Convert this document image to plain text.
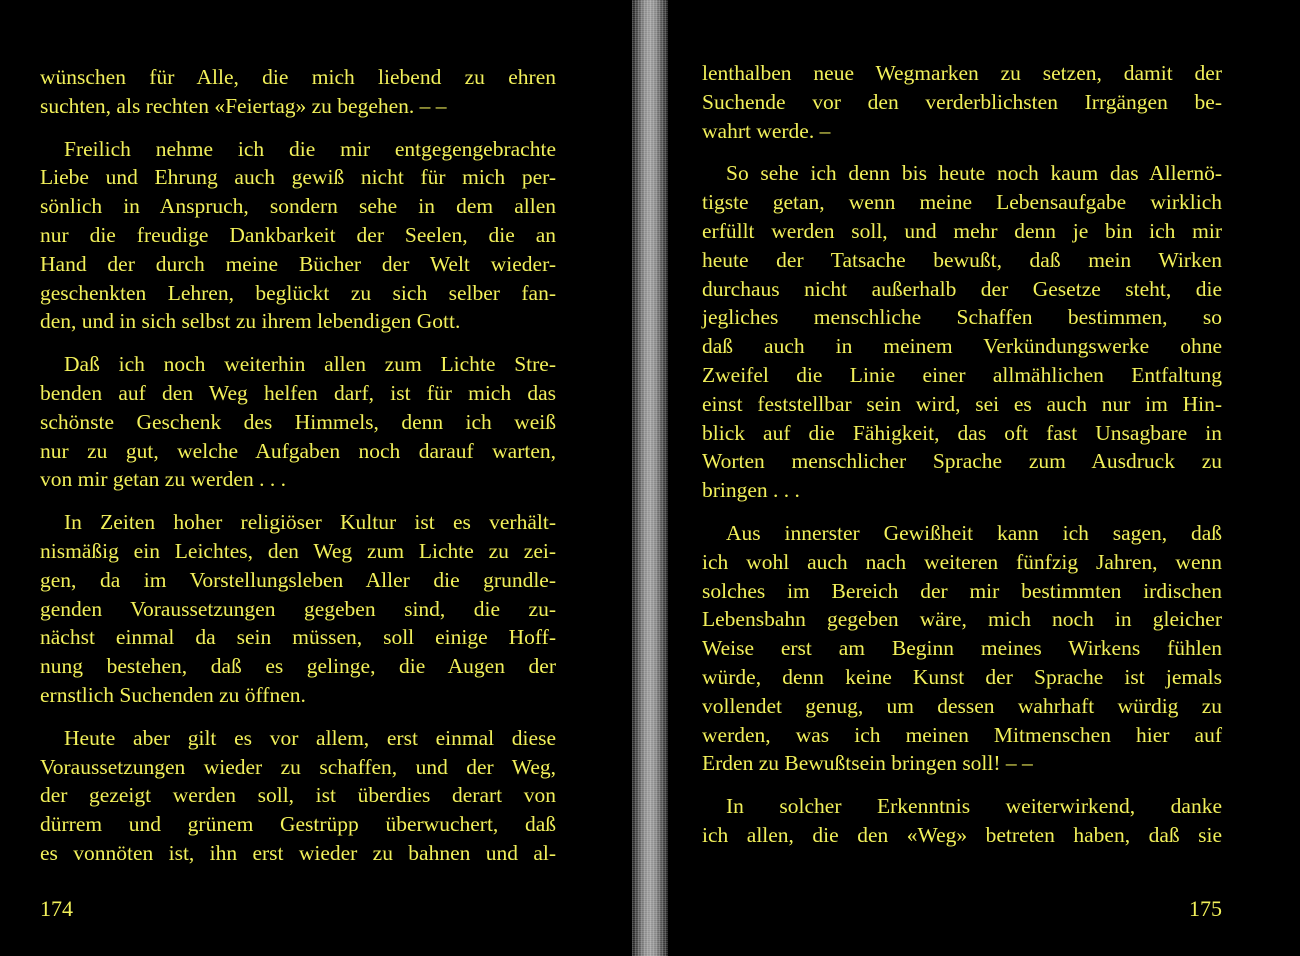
wünschen für Alle, die mich liebend zu ehren
suchten, als rechten «Feiertag» zu begehen. – –
Freilich nehme ich die mir entgegengebrachte
Liebe und Ehrung auch gewiß nicht für mich per-
sönlich in Anspruch, sondern sehe in dem allen
nur die freudige Dankbarkeit der Seelen, die an
Hand der durch meine Bücher der Welt wieder-
geschenkten Lehren, beglückt zu sich selber fan-
den, und in sich selbst zu ihrem lebendigen Gott.
Daß ich noch weiterhin allen zum Lichte Stre-
benden auf den Weg helfen darf, ist für mich das
schönste Geschenk des Himmels, denn ich weiß
nur zu gut, welche Aufgaben noch darauf warten,
von mir getan zu werden . . .
In Zeiten hoher religiöser Kultur ist es verhält-
nismäßig ein Leichtes, den Weg zum Lichte zu zei-
gen, da im Vorstellungsleben Aller die grundle-
genden Voraussetzungen gegeben sind, die zu-
nächst einmal da sein müssen, soll einige Hoff-
nung bestehen, daß es gelinge, die Augen der
ernstlich Suchenden zu öffnen.
Heute aber gilt es vor allem, erst einmal diese
Voraussetzungen wieder zu schaffen, und der Weg,
der gezeigt werden soll, ist überdies derart von
dürrem und grünem Gestrüpp überwuchert, daß
es vonnöten ist, ihn erst wieder zu bahnen und al-
174
lenthalben neue Wegmarken zu setzen, damit der
Suchende vor den verderblichsten Irrgängen be-
wahrt werde. –
So sehe ich denn bis heute noch kaum das Allernö-
tigste getan, wenn meine Lebensaufgabe wirklich
erfüllt werden soll, und mehr denn je bin ich mir
heute der Tatsache bewußt, daß mein Wirken
durchaus nicht außerhalb der Gesetze steht, die
jegliches menschliche Schaffen bestimmen, so
daß auch in meinem Verkündungswerke ohne
Zweifel die Linie einer allmählichen Entfaltung
einst feststellbar sein wird, sei es auch nur im Hin-
blick auf die Fähigkeit, das oft fast Unsagbare in
Worten menschlicher Sprache zum Ausdruck zu
bringen . . .
Aus innerster Gewißheit kann ich sagen, daß
ich wohl auch nach weiteren fünfzig Jahren, wenn
solches im Bereich der mir bestimmten irdischen
Lebensbahn gegeben wäre, mich noch in gleicher
Weise erst am Beginn meines Wirkens fühlen
würde, denn keine Kunst der Sprache ist jemals
vollendet genug, um dessen wahrhaft würdig zu
werden, was ich meinen Mitmenschen hier auf
Erden zu Bewußtsein bringen soll! – –
In solcher Erkenntnis weiterwirkend, danke
ich allen, die den «Weg» betreten haben, daß sie
175
